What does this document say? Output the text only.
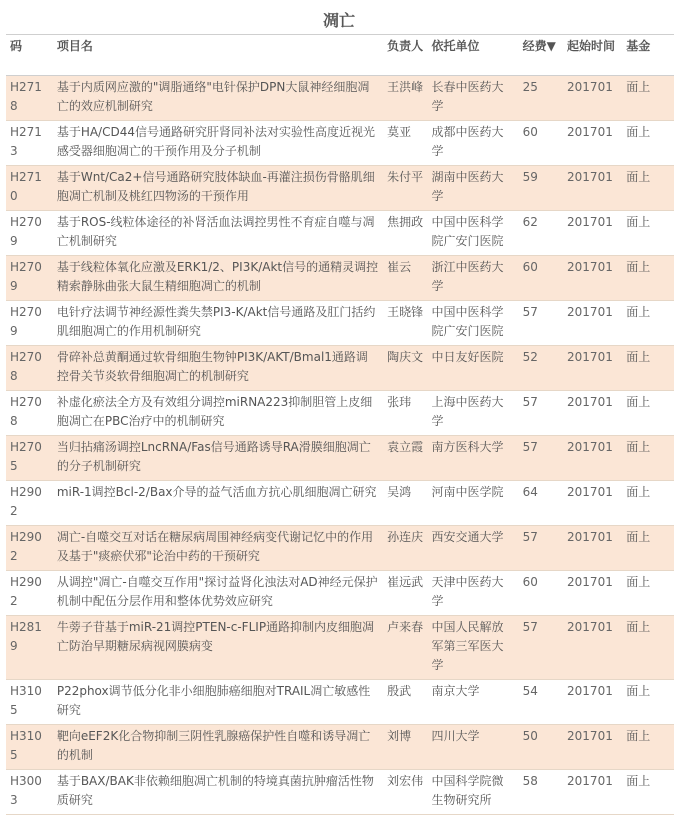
凋亡
码	项目名	负责人	依托单位	经费▼	起始时间	基金
H2718	基于内质网应激的"调脂通络"电针保护DPN大鼠神经细胞凋亡的效应机制研究	王洪峰	长春中医药大学	25	201701	面上
H2713	基于HA/CD44信号通路研究肝肾同补法对实验性高度近视光感受器细胞凋亡的干预作用及分子机制	莫亚	成都中医药大学	60	201701	面上
H2710	基于Wnt/Ca2+信号通路研究肢体缺血-再灌注损伤骨骼肌细胞凋亡机制及桃红四物汤的干预作用	朱付平	湖南中医药大学	59	201701	面上
H2709	基于ROS-线粒体途径的补肾活血法调控男性不育症自噬与凋亡机制研究	焦拥政	中国中医科学院广安门医院	62	201701	面上
H2709	基于线粒体氧化应激及ERK1/2、PI3K/Akt信号的通精灵调控精索静脉曲张大鼠生精细胞凋亡的机制	崔云	浙江中医药大学	60	201701	面上
H2709	电针疗法调节神经源性粪失禁PI3-K/Akt信号通路及肛门括约肌细胞凋亡的作用机制研究	王晓锋	中国中医科学院广安门医院	57	201701	面上
H2708	骨碎补总黄酮通过软骨细胞生物钟PI3K/AKT/Bmal1通路调控骨关节炎软骨细胞凋亡的机制研究	陶庆文	中日友好医院	52	201701	面上
H2708	补虚化瘀法全方及有效组分调控miRNA223抑制胆管上皮细胞凋亡在PBC治疗中的机制研究	张玮	上海中医药大学	57	201701	面上
H2705	当归拈痛汤调控LncRNA/Fas信号通路诱导RA滑膜细胞凋亡的分子机制研究	袁立霞	南方医科大学	57	201701	面上
H2902	miR-1调控Bcl-2/Bax介导的益气活血方抗心肌细胞凋亡研究	吴鸿	河南中医学院	64	201701	面上
H2902	凋亡-自噬交互对话在糖尿病周围神经病变代谢记忆中的作用及基于"痰瘀伏邪"论治中药的干预研究	孙连庆	西安交通大学	57	201701	面上
H2902	从调控"凋亡-自噬交互作用"探讨益肾化浊法对AD神经元保护机制中配伍分层作用和整体优势效应研究	崔远武	天津中医药大学	60	201701	面上
H2819	牛蒡子苷基于miR-21调控PTEN-c-FLIP通路抑制内皮细胞凋亡防治早期糖尿病视网膜病变	卢来春	中国人民解放军第三军医大学	57	201701	面上
H3105	P22phox调节低分化非小细胞肺癌细胞对TRAIL凋亡敏感性研究	殷武	南京大学	54	201701	面上
H3105	靶向eEF2K化合物抑制三阴性乳腺癌保护性自噬和诱导凋亡的机制	刘博	四川大学	50	201701	面上
H3003	基于BAX/BAK非依赖细胞凋亡机制的特境真菌抗肿瘤活性物质研究	刘宏伟	中国科学院微生物研究所	58	201701	面上
